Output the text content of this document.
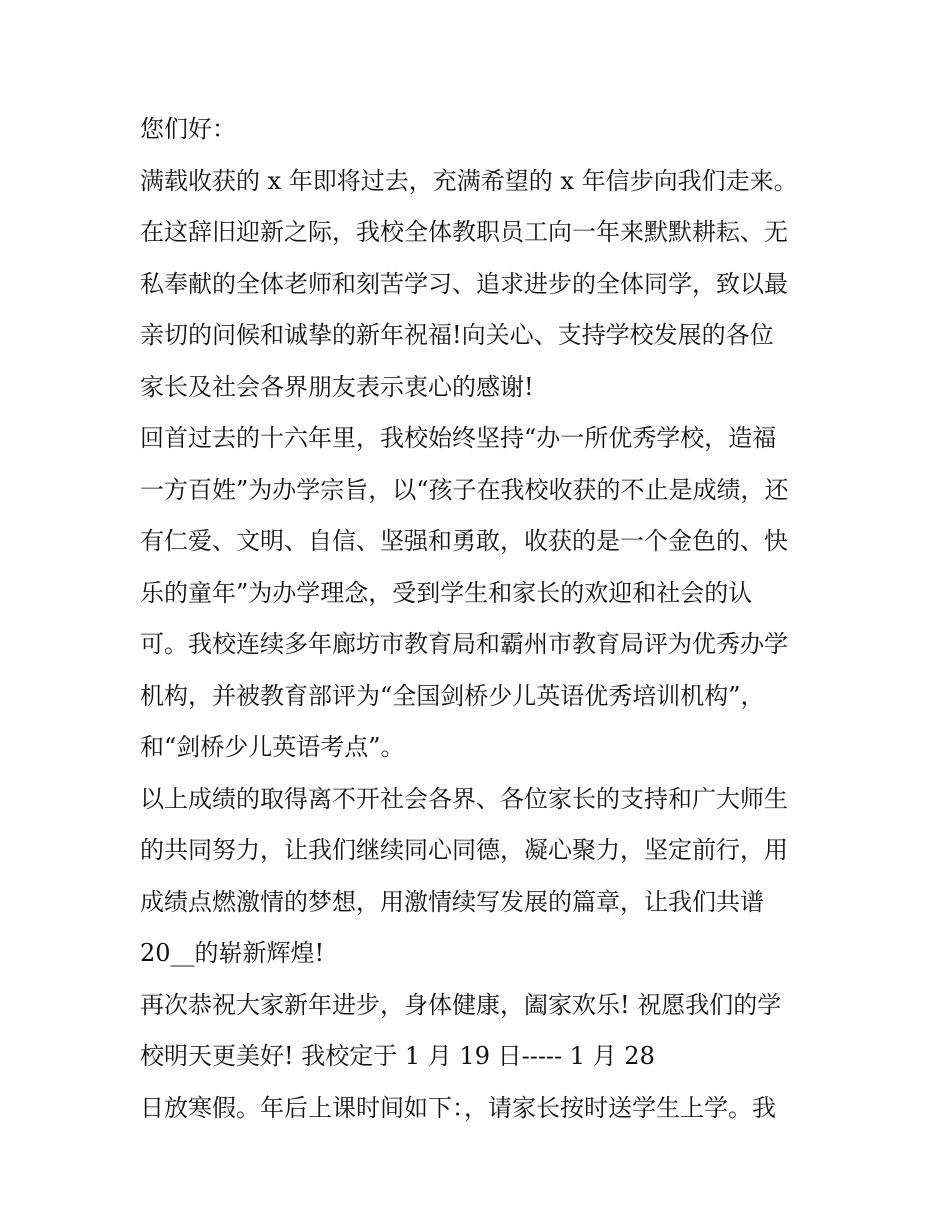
您们好：

满载收获的 x 年即将过去，充满希望的 x 年信步向我们走来。

在这辞旧迎新之际，我校全体教职员工向一年来默默耕耘、无

私奉献的全体老师和刻苦学习、追求进步的全体同学，致以最

亲切的问候和诚挚的新年祝福!向关心、支持学校发展的各位

家长及社会各界朋友表示衷心的感谢!

回首过去的十六年里，我校始终坚持“办一所优秀学校，造福

一方百姓”为办学宗旨，以“孩子在我校收获的不止是成绩，还

有仁爱、文明、自信、坚强和勇敢，收获的是一个金色的、快

乐的童年”为办学理念，受到学生和家长的欢迎和社会的认

可。我校连续多年廊坊市教育局和霸州市教育局评为优秀办学

机构，并被教育部评为“全国剑桥少儿英语优秀培训机构”，

和“剑桥少儿英语考点”。

以上成绩的取得离不开社会各界、各位家长的支持和广大师生

的共同努力，让我们继续同心同德，凝心聚力，坚定前行，用

成绩点燃激情的梦想，用激情续写发展的篇章，让我们共谱

20__的崭新辉煌!

再次恭祝大家新年进步，身体健康，阖家欢乐! 祝愿我们的学

校明天更美好! 我校定于 1 月 19 日----- 1 月 28

日放寒假。年后上课时间如下：，请家长按时送学生上学。我
